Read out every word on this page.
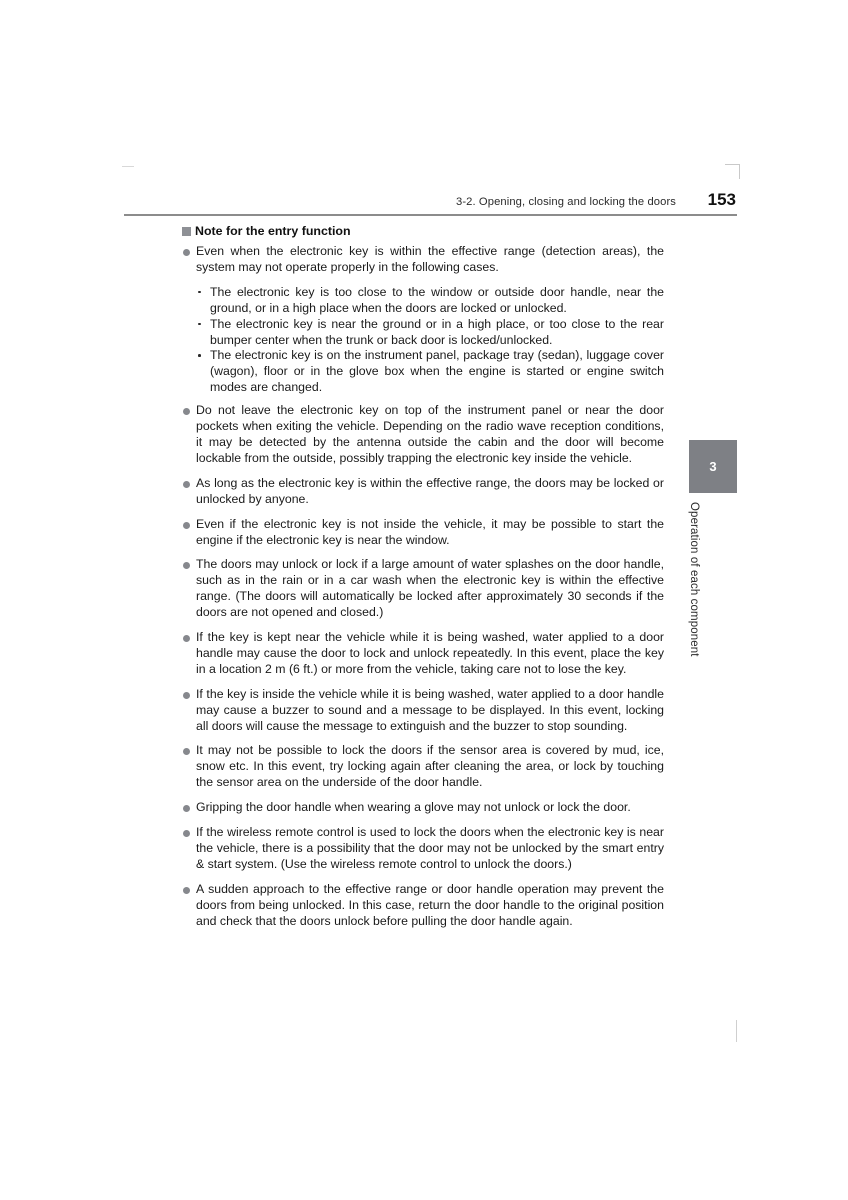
3-2. Opening, closing and locking the doors	153
3
Operation of each component
Note for the entry function
Even when the electronic key is within the effective range (detection areas), the system may not operate properly in the following cases.
The electronic key is too close to the window or outside door handle, near the ground, or in a high place when the doors are locked or unlocked.
The electronic key is near the ground or in a high place, or too close to the rear bumper center when the trunk or back door is locked/unlocked.
The electronic key is on the instrument panel, package tray (sedan), luggage cover (wagon), floor or in the glove box when the engine is started or engine switch modes are changed.
Do not leave the electronic key on top of the instrument panel or near the door pockets when exiting the vehicle. Depending on the radio wave reception conditions, it may be detected by the antenna outside the cabin and the door will become lockable from the outside, possibly trapping the electronic key inside the vehicle.
As long as the electronic key is within the effective range, the doors may be locked or unlocked by anyone.
Even if the electronic key is not inside the vehicle, it may be possible to start the engine if the electronic key is near the window.
The doors may unlock or lock if a large amount of water splashes on the door handle, such as in the rain or in a car wash when the electronic key is within the effective range. (The doors will automatically be locked after approximately 30 seconds if the doors are not opened and closed.)
If the key is kept near the vehicle while it is being washed, water applied to a door handle may cause the door to lock and unlock repeatedly. In this event, place the key in a location 2 m (6 ft.) or more from the vehicle, taking care not to lose the key.
If the key is inside the vehicle while it is being washed, water applied to a door handle may cause a buzzer to sound and a message to be displayed. In this event, locking all doors will cause the message to extinguish and the buzzer to stop sounding.
It may not be possible to lock the doors if the sensor area is covered by mud, ice, snow etc. In this event, try locking again after cleaning the area, or lock by touching the sensor area on the underside of the door handle.
Gripping the door handle when wearing a glove may not unlock or lock the door.
If the wireless remote control is used to lock the doors when the electronic key is near the vehicle, there is a possibility that the door may not be unlocked by the smart entry & start system. (Use the wireless remote control to unlock the doors.)
A sudden approach to the effective range or door handle operation may prevent the doors from being unlocked. In this case, return the door handle to the original position and check that the doors unlock before pulling the door handle again.
